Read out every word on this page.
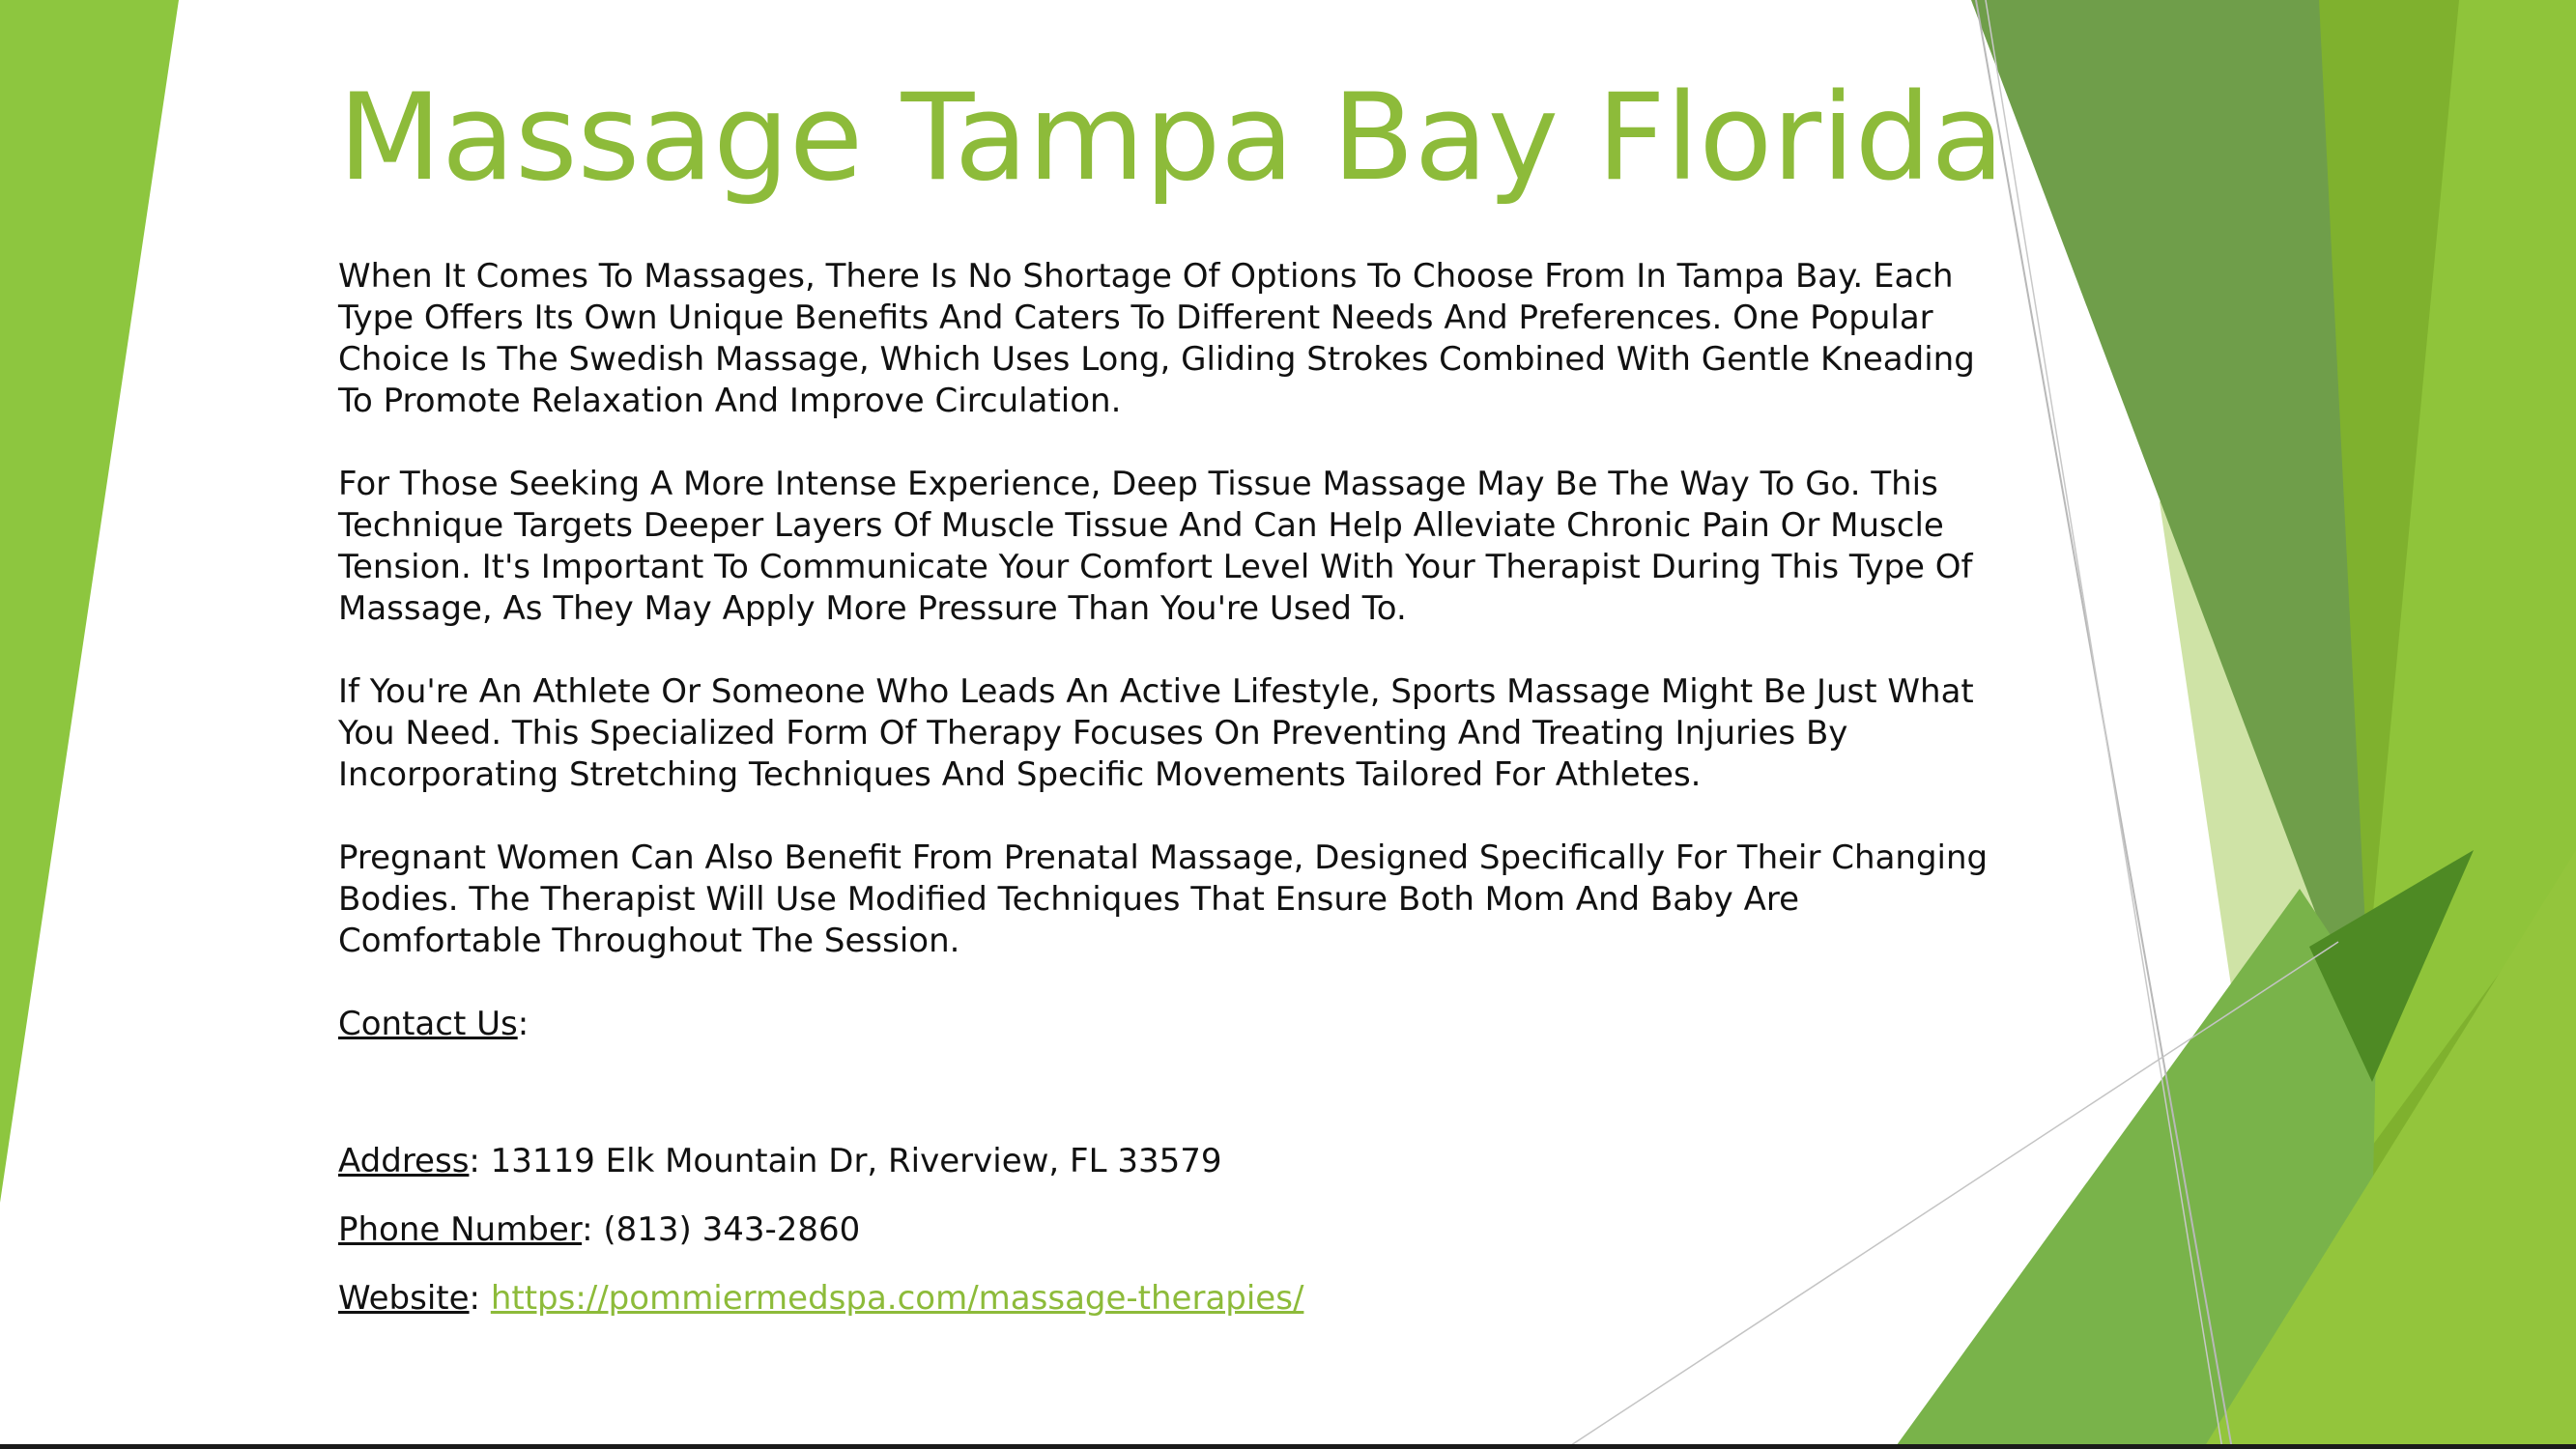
Massage Tampa Bay Florida

When It Comes To Massages, There Is No Shortage Of Options To Choose From In Tampa Bay. Each Type Offers Its Own Unique Benefits And Caters To Different Needs And Preferences. One Popular Choice Is The Swedish Massage, Which Uses Long, Gliding Strokes Combined With Gentle Kneading To Promote Relaxation And Improve Circulation.

For Those Seeking A More Intense Experience, Deep Tissue Massage May Be The Way To Go. This Technique Targets Deeper Layers Of Muscle Tissue And Can Help Alleviate Chronic Pain Or Muscle Tension. It's Important To Communicate Your Comfort Level With Your Therapist During This Type Of Massage, As They May Apply More Pressure Than You're Used To.

If You're An Athlete Or Someone Who Leads An Active Lifestyle, Sports Massage Might Be Just What You Need. This Specialized Form Of Therapy Focuses On Preventing And Treating Injuries By Incorporating Stretching Techniques And Specific Movements Tailored For Athletes.

Pregnant Women Can Also Benefit From Prenatal Massage, Designed Specifically For Their Changing Bodies. The Therapist Will Use Modified Techniques That Ensure Both Mom And Baby Are Comfortable Throughout The Session.

Contact Us:
Address: 13119 Elk Mountain Dr, Riverview, FL 33579
Phone Number: (813) 343-2860
Website: https://pommiermedspa.com/massage-therapies/
